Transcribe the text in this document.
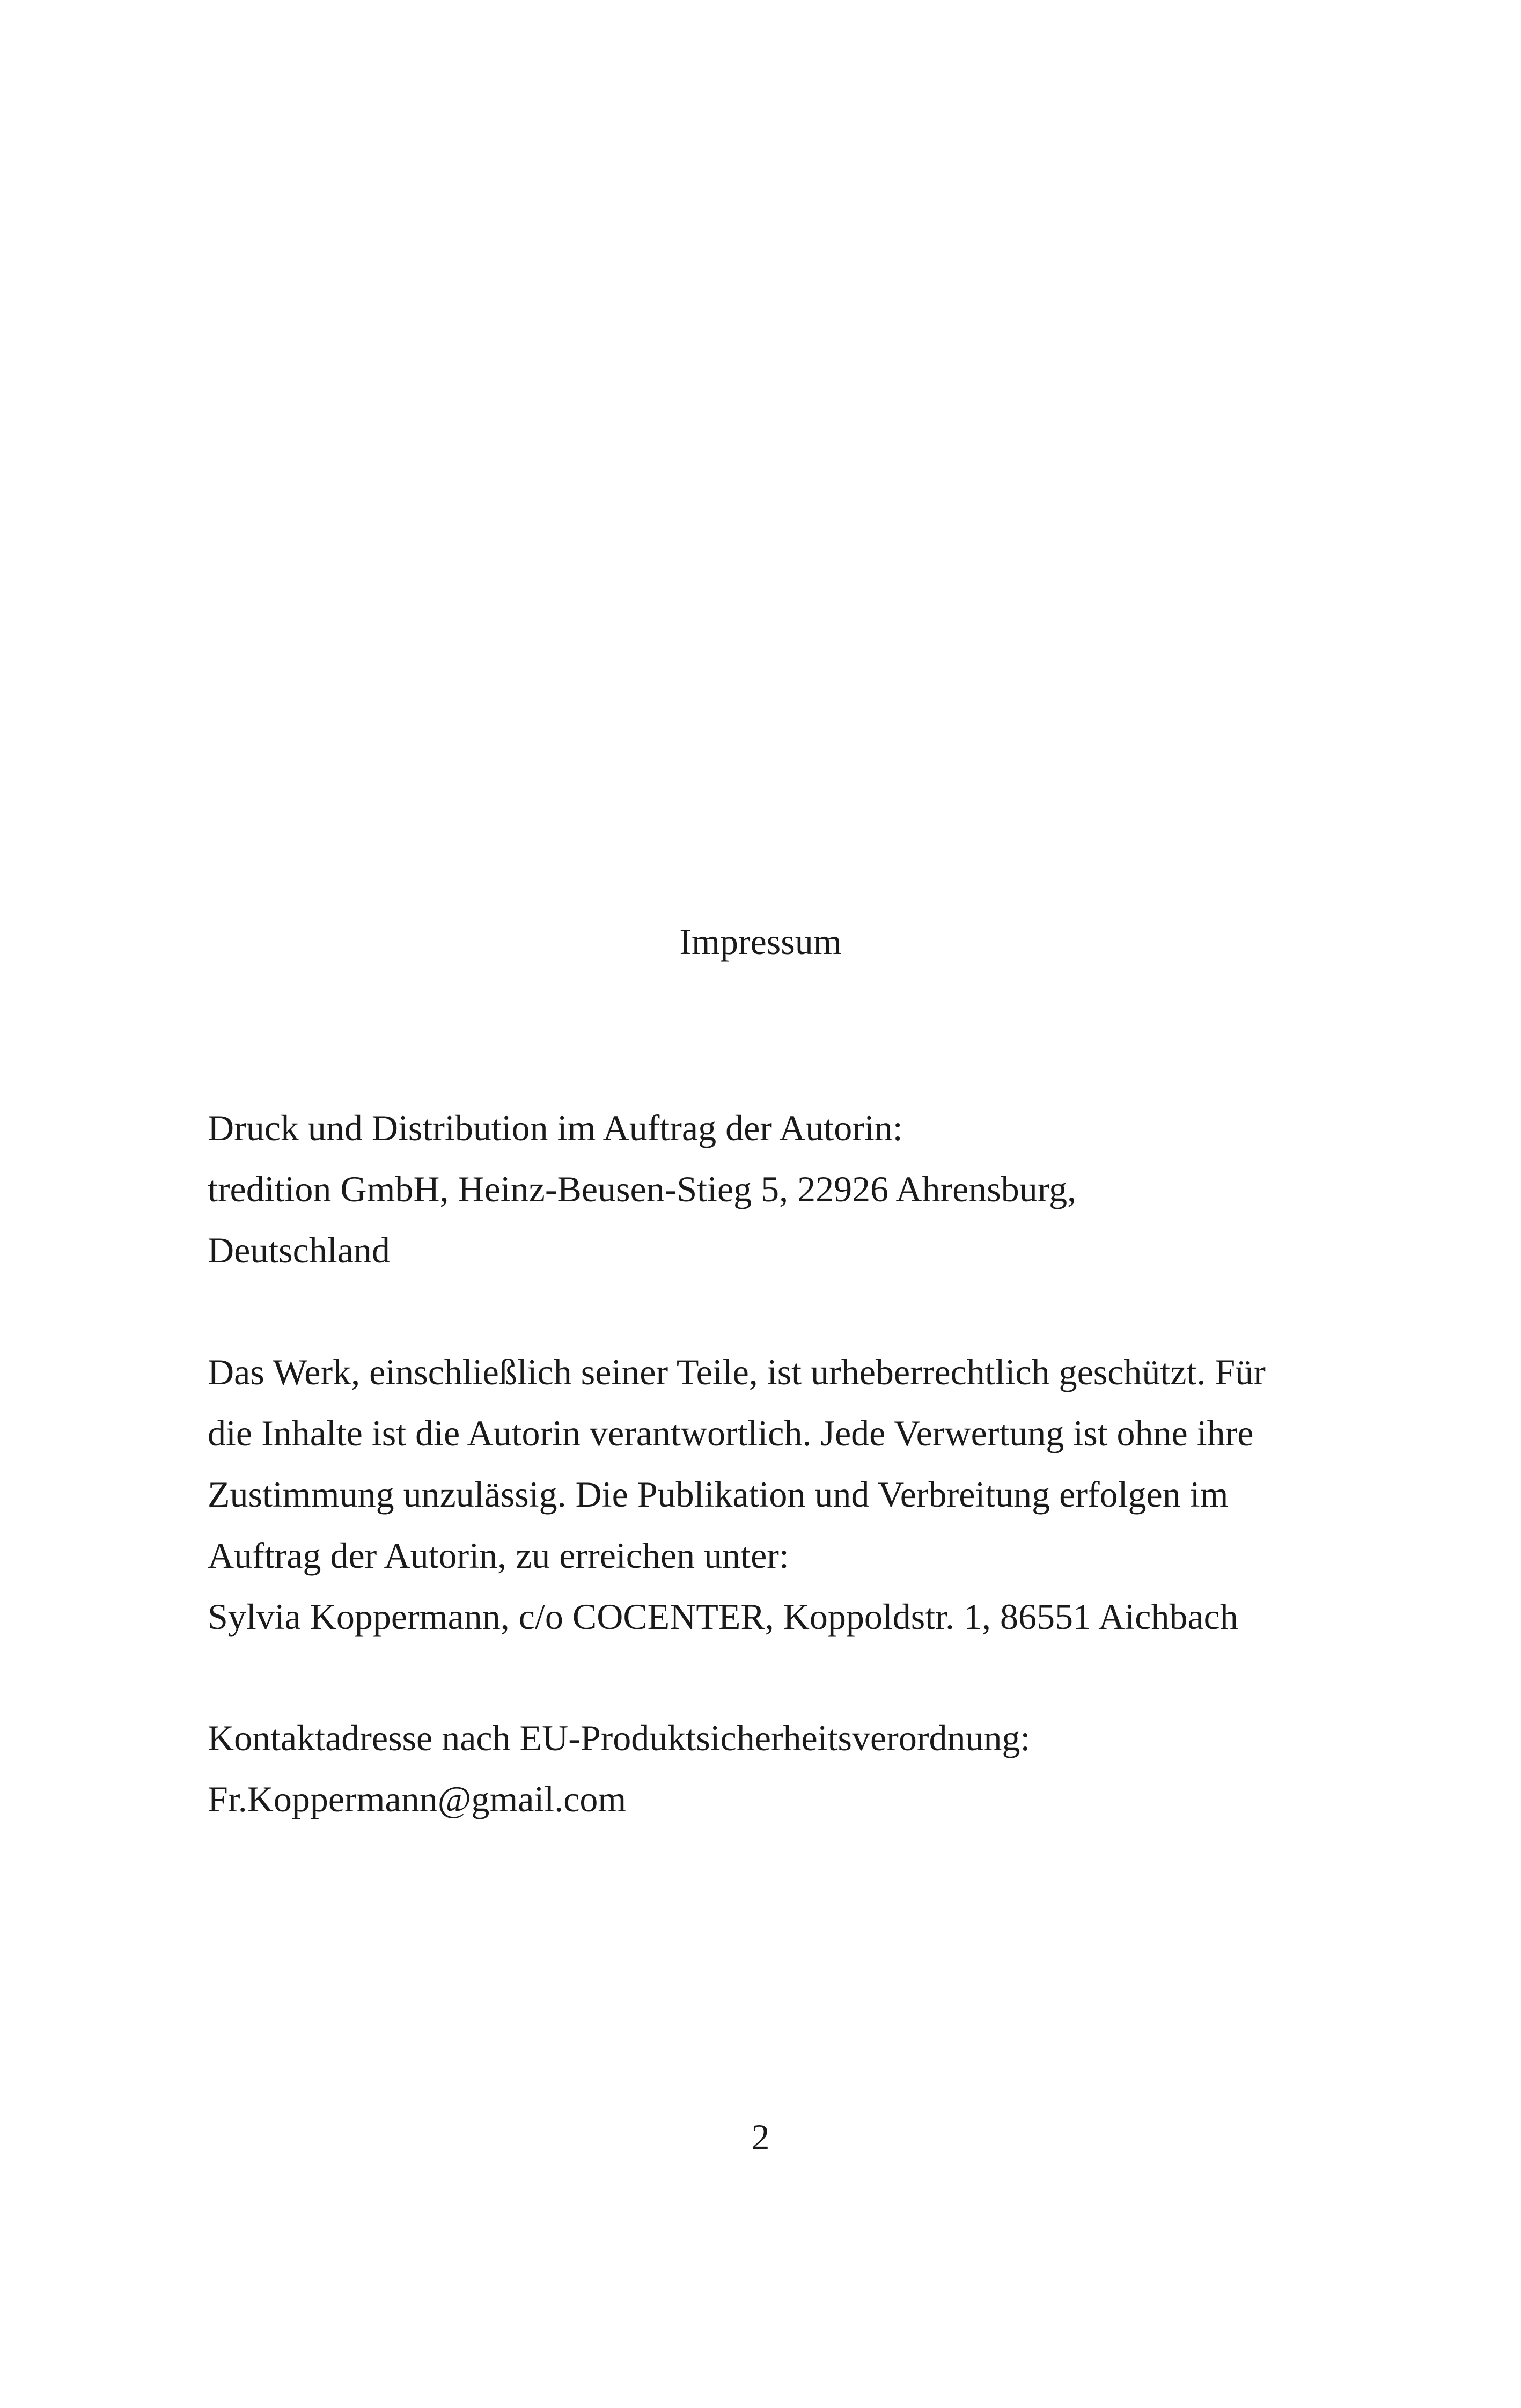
Impressum
Druck und Distribution im Auftrag der Autorin:
tredition GmbH, Heinz-Beusen-Stieg 5, 22926 Ahrensburg,
Deutschland
Das Werk, einschließlich seiner Teile, ist urheberrechtlich geschützt. Für
die Inhalte ist die Autorin verantwortlich. Jede Verwertung ist ohne ihre
Zustimmung unzulässig. Die Publikation und Verbreitung erfolgen im
Auftrag der Autorin, zu erreichen unter:
Sylvia Koppermann, c/o COCENTER, Koppoldstr. 1, 86551 Aichbach
Kontaktadresse nach EU-Produktsicherheitsverordnung:
Fr.Koppermann@gmail.com
2
